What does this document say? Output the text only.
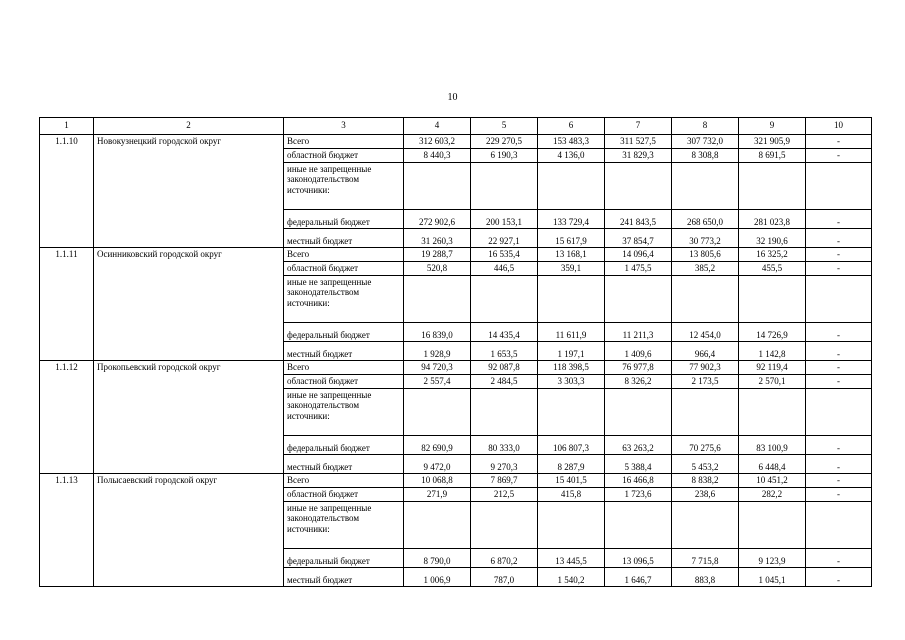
10
1	2	3	4	5	6	7	8	9	10
1.1.10	Новокузнецкий городской округ	Всего	312 603,2	229 270,5	153 483,3	311 527,5	307 732,0	321 905,9	-
		областной бюджет	8 440,3	6 190,3	4 136,0	31 829,3	8 308,8	8 691,5	-
		иные не запрещенные законодательством источники:							
		федеральный бюджет	272 902,6	200 153,1	133 729,4	241 843,5	268 650,0	281 023,8	-
		местный бюджет	31 260,3	22 927,1	15 617,9	37 854,7	30 773,2	32 190,6	-
1.1.11	Осинниковский городской округ	Всего	19 288,7	16 535,4	13 168,1	14 096,4	13 805,6	16 325,2	-
		областной бюджет	520,8	446,5	359,1	1 475,5	385,2	455,5	-
		иные не запрещенные законодательством источники:							
		федеральный бюджет	16 839,0	14 435,4	11 611,9	11 211,3	12 454,0	14 726,9	-
		местный бюджет	1 928,9	1 653,5	1 197,1	1 409,6	966,4	1 142,8	-
1.1.12	Прокопьевский городской округ	Всего	94 720,3	92 087,8	118 398,5	76 977,8	77 902,3	92 119,4	-
		областной бюджет	2 557,4	2 484,5	3 303,3	8 326,2	2 173,5	2 570,1	-
		иные не запрещенные законодательством источники:							
		федеральный бюджет	82 690,9	80 333,0	106 807,3	63 263,2	70 275,6	83 100,9	-
		местный бюджет	9 472,0	9 270,3	8 287,9	5 388,4	5 453,2	6 448,4	-
1.1.13	Полысаевский городской округ	Всего	10 068,8	7 869,7	15 401,5	16 466,8	8 838,2	10 451,2	-
		областной бюджет	271,9	212,5	415,8	1 723,6	238,6	282,2	-
		иные не запрещенные законодательством источники:							
		федеральный бюджет	8 790,0	6 870,2	13 445,5	13 096,5	7 715,8	9 123,9	-
		местный бюджет	1 006,9	787,0	1 540,2	1 646,7	883,8	1 045,1	-
